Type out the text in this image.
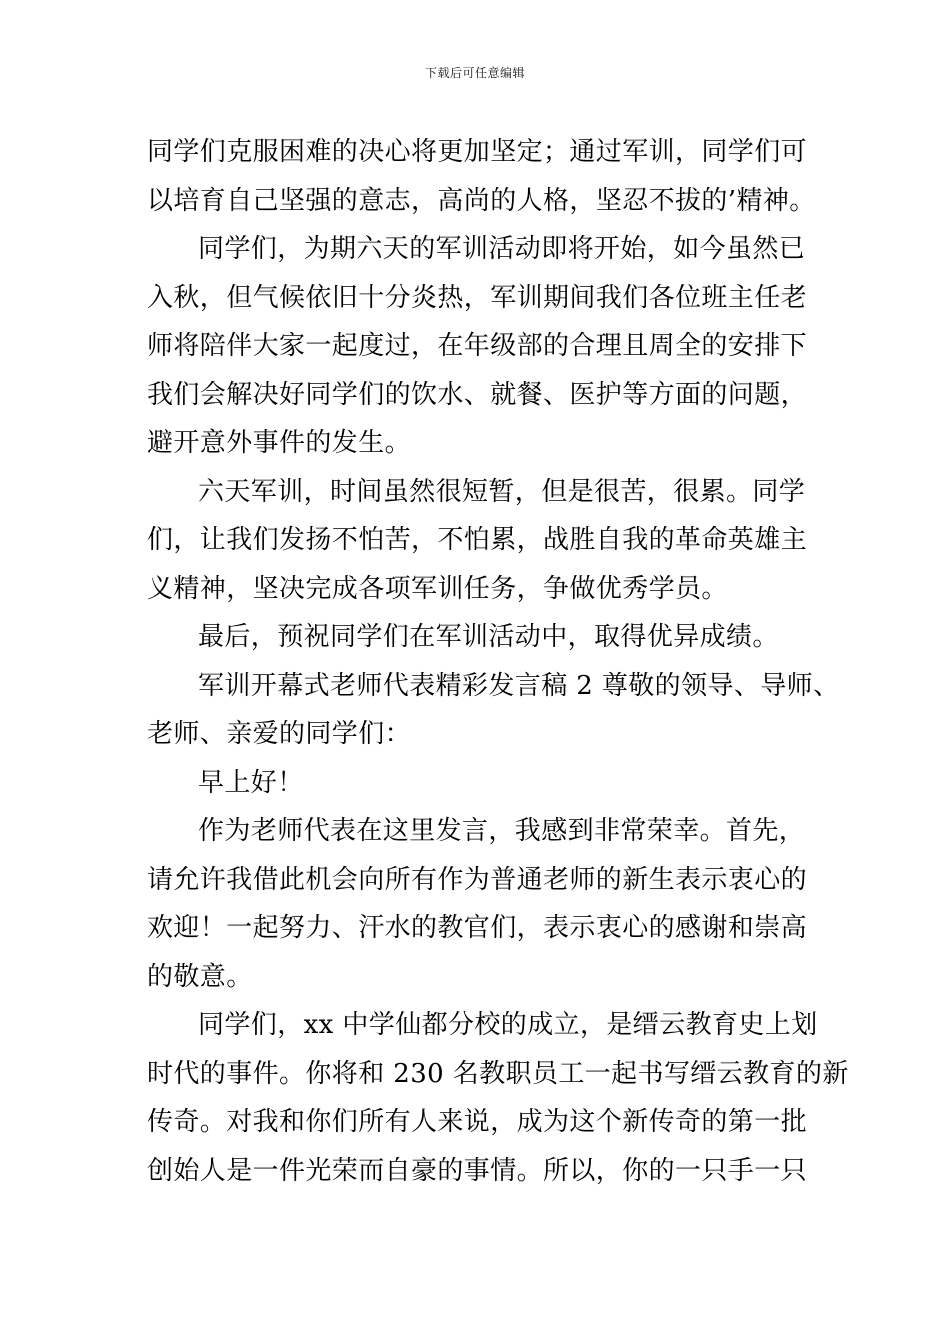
下载后可任意编辑
同学们克服困难的决心将更加坚定；通过军训，同学们可
以培育自己坚强的意志，高尚的人格，坚忍不拔的’精神。
同学们，为期六天的军训活动即将开始，如今虽然已
入秋，但气候依旧十分炎热，军训期间我们各位班主任老
师将陪伴大家一起度过，在年级部的合理且周全的安排下
我们会解决好同学们的饮水、就餐、医护等方面的问题，
避开意外事件的发生。
六天军训，时间虽然很短暂，但是很苦，很累。同学
们，让我们发扬不怕苦，不怕累，战胜自我的革命英雄主
义精神，坚决完成各项军训任务，争做优秀学员。
最后，预祝同学们在军训活动中，取得优异成绩。
军训开幕式老师代表精彩发言稿 2 尊敬的领导、导师、
老师、亲爱的同学们：
早上好！
作为老师代表在这里发言，我感到非常荣幸。首先，
请允许我借此机会向所有作为普通老师的新生表示衷心的
欢迎！一起努力、汗水的教官们，表示衷心的感谢和崇高
的敬意。
同学们，xx 中学仙都分校的成立，是缙云教育史上划
时代的事件。你将和 230 名教职员工一起书写缙云教育的新
传奇。对我和你们所有人来说，成为这个新传奇的第一批
创始人是一件光荣而自豪的事情。所以，你的一只手一只
